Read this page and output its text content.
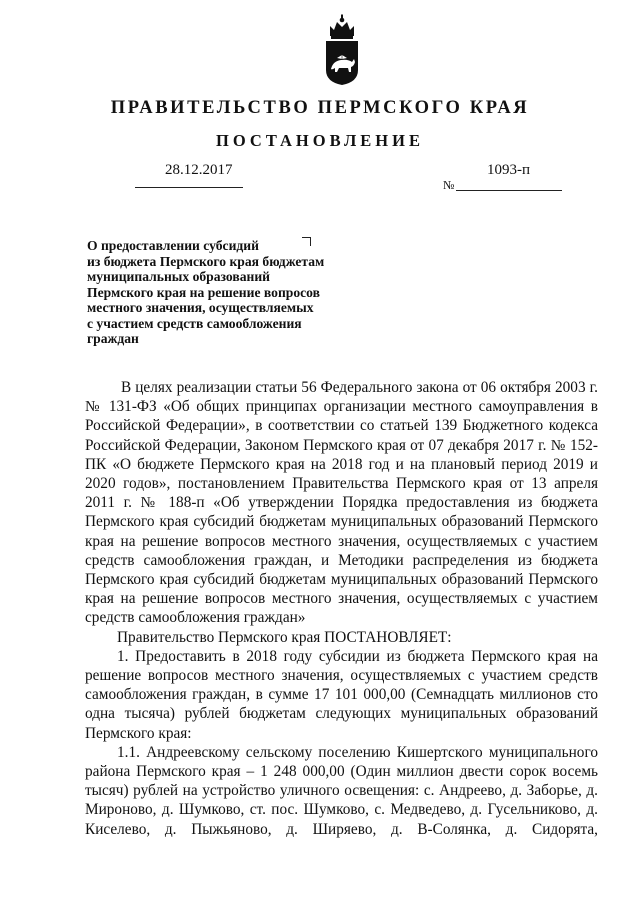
ПРАВИТЕЛЬСТВО ПЕРМСКОГО КРАЯ
ПОСТАНОВЛЕНИЕ
28.12.2017
№
1093-п
О предоставлении субсидий
из бюджета Пермского края бюджетам
муниципальных образований
Пермского края на решение вопросов
местного значения, осуществляемых
с участием средств самообложения
граждан
В целях реализации статьи 56 Федерального закона от 06 октября 2003 г. № 131-ФЗ «Об общих принципах организации местного самоуправления в Российской Федерации», в соответствии со статьей 139 Бюджетного кодекса Российской Федерации, Законом Пермского края от 07 декабря 2017 г. № 152-ПК «О бюджете Пермского края на 2018 год и на плановый период 2019 и 2020 годов», постановлением Правительства Пермского края от 13 апреля 2011 г. № 188-п «Об утверждении Порядка предоставления из бюджета Пермского края субсидий бюджетам муниципальных образований Пермского края на решение вопросов местного значения, осуществляемых с участием средств самообложения граждан, и Методики распределения из бюджета Пермского края субсидий бюджетам муниципальных образований Пермского края на решение вопросов местного значения, осуществляемых с участием средств самообложения граждан»
Правительство Пермского края ПОСТАНОВЛЯЕТ:
1. Предоставить в 2018 году субсидии из бюджета Пермского края на решение вопросов местного значения, осуществляемых с участием средств самообложения граждан, в сумме 17 101 000,00 (Семнадцать миллионов сто одна тысяча) рублей бюджетам следующих муниципальных образований Пермского края:
1.1. Андреевскому сельскому поселению Кишертского муниципального района Пермского края – 1 248 000,00 (Один миллион двести сорок восемь тысяч) рублей на устройство уличного освещения: с. Андреево, д. Заборье, д. Мироново, д. Шумково, ст. пос. Шумково, с. Медведево, д. Гусельниково, д. Киселево, д. Пыжьяново, д. Ширяево, д. В-Солянка, д. Сидорята,
